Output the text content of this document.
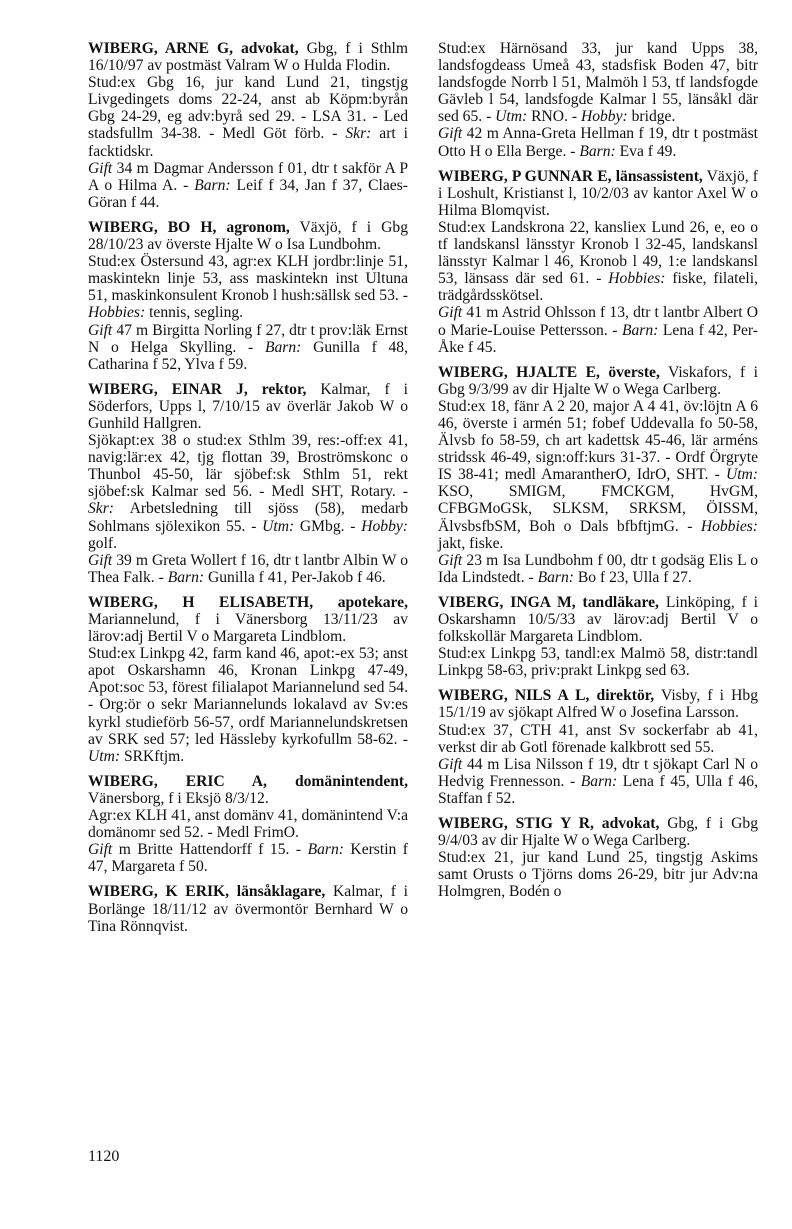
WIBERG, ARNE G, advokat, Gbg, f i Sthlm 16/10/97 av postmäst Valram W o Hulda Flodin.

Stud:ex Gbg 16, jur kand Lund 21, tingstjg Livgedingets doms 22-24, anst ab Köpm:byrån Gbg 24-29, eg adv:byrå sed 29. - LSA 31. - Led stadsfullm 34-38. - Medl Göt förb. - Skr: art i facktidskr.

Gift 34 m Dagmar Andersson f 01, dtr t sakför A P A o Hilma A. - Barn: Leif f 34, Jan f 37, Claes-Göran f 44.

WIBERG, BO H, agronom, Växjö, f i Gbg 28/10/23 av överste Hjalte W o Isa Lundbohm.

Stud:ex Östersund 43, agr:ex KLH jordbr:linje 51, maskintekn linje 53, ass maskintekn inst Ultuna 51, maskinkonsulent Kronob l hush:sällsk sed 53. - Hobbies: tennis, segling.

Gift 47 m Birgitta Norling f 27, dtr t prov:läk Ernst N o Helga Skylling. - Barn: Gunilla f 48, Catharina f 52, Ylva f 59.

WIBERG, EINAR J, rektor, Kalmar, f i Söderfors, Upps l, 7/10/15 av överlär Jakob W o Gunhild Hallgren.

Sjökapt:ex 38 o stud:ex Sthlm 39, res:-off:ex 41, navig:lär:ex 42, tjg flottan 39, Broströmskonc o Thunbol 45-50, lär sjöbef:sk Sthlm 51, rekt sjöbef:sk Kalmar sed 56. - Medl SHT, Rotary. - Skr: Arbetsledning till sjöss (58), medarb Sohlmans sjölexikon 55. - Utm: GMbg. - Hobby: golf.

Gift 39 m Greta Wollert f 16, dtr t lantbr Albin W o Thea Falk. - Barn: Gunilla f 41, Per-Jakob f 46.

WIBERG, H ELISABETH, apotekare, Mariannelund, f i Vänersborg 13/11/23 av lärov:adj Bertil V o Margareta Lindblom.

Stud:ex Linkpg 42, farm kand 46, apot:-ex 53; anst apot Oskarshamn 46, Kronan Linkpg 47-49, Apot:soc 53, förest filialapot Mariannelund sed 54. - Org:ör o sekr Mariannelunds lokalavd av Sv:es kyrkl studieförb 56-57, ordf Mariannelundskretsen av SRK sed 57; led Hässleby kyrkofullm 58-62. - Utm: SRKftjm.

WIBERG, ERIC A, domänintendent, Vänersborg, f i Eksjö 8/3/12.

Agr:ex KLH 41, anst domänv 41, domänintend V:a domänomr sed 52. - Medl FrimO.

Gift m Britte Hattendorff f 15. - Barn: Kerstin f 47, Margareta f 50.

WIBERG, K ERIK, länsåklagare, Kalmar, f i Borlänge 18/11/12 av övermontör Bernhard W o Tina Rönnqvist.

Stud:ex Härnösand 33, jur kand Upps 38, landsfogdeass Umeå 43, stadsfisk Boden 47, bitr landsfogde Norrb l 51, Malmöh l 53, tf landsfogde Gävleb l 54, landsfogde Kalmar l 55, länsåkl där sed 65. - Utm: RNO. - Hobby: bridge.

Gift 42 m Anna-Greta Hellman f 19, dtr t postmäst Otto H o Ella Berge. - Barn: Eva f 49.

WIBERG, P GUNNAR E, länsassistent, Växjö, f i Loshult, Kristianst l, 10/2/03 av kantor Axel W o Hilma Blomqvist.

Stud:ex Landskrona 22, kansliex Lund 26, e, eo o tf landskansl länsstyr Kronob l 32-45, landskansl länsstyr Kalmar l 46, Kronob l 49, 1:e landskansl 53, länsass där sed 61. - Hobbies: fiske, filateli, trädgårdsskötsel.

Gift 41 m Astrid Ohlsson f 13, dtr t lantbr Albert O o Marie-Louise Pettersson. - Barn: Lena f 42, Per-Åke f 45.

WIBERG, HJALTE E, överste, Viskafors, f i Gbg 9/3/99 av dir Hjalte W o Wega Carlberg.

Stud:ex 18, fänr A 2 20, major A 4 41, öv:löjtn A 6 46, överste i armén 51; fobef Uddevalla fo 50-58, Älvsb fo 58-59, ch art kadettsk 45-46, lär arméns stridssk 46-49, sign:off:kurs 31-37. - Ordf Örgryte IS 38-41; medl AmarantherO, IdrO, SHT. - Utm: KSO, SMIGM, FMCKGM, HvGM, CFBGMoGSk, SLKSM, SRKSM, ÖISSM, ÄlvsbsfbSM, Boh o Dals bfbftjmG. - Hobbies: jakt, fiske.

Gift 23 m Isa Lundbohm f 00, dtr t godsäg Elis L o Ida Lindstedt. - Barn: Bo f 23, Ulla f 27.

VIBERG, INGA M, tandläkare, Linköping, f i Oskarshamn 10/5/33 av lärov:adj Bertil V o folkskollär Margareta Lindblom.

Stud:ex Linkpg 53, tandl:ex Malmö 58, distr:tandl Linkpg 58-63, priv:prakt Linkpg sed 63.

WIBERG, NILS A L, direktör, Visby, f i Hbg 15/1/19 av sjökapt Alfred W o Josefina Larsson.

Stud:ex 37, CTH 41, anst Sv sockerfabr ab 41, verkst dir ab Gotl förenade kalkbrott sed 55.

Gift 44 m Lisa Nilsson f 19, dtr t sjökapt Carl N o Hedvig Frennesson. - Barn: Lena f 45, Ulla f 46, Staffan f 52.

WIBERG, STIG Y R, advokat, Gbg, f i Gbg 9/4/03 av dir Hjalte W o Wega Carlberg.

Stud:ex 21, jur kand Lund 25, tingstjg Askims samt Orusts o Tjörns doms 26-29, bitr jur Adv:na Holmgren, Bodén o

1120
